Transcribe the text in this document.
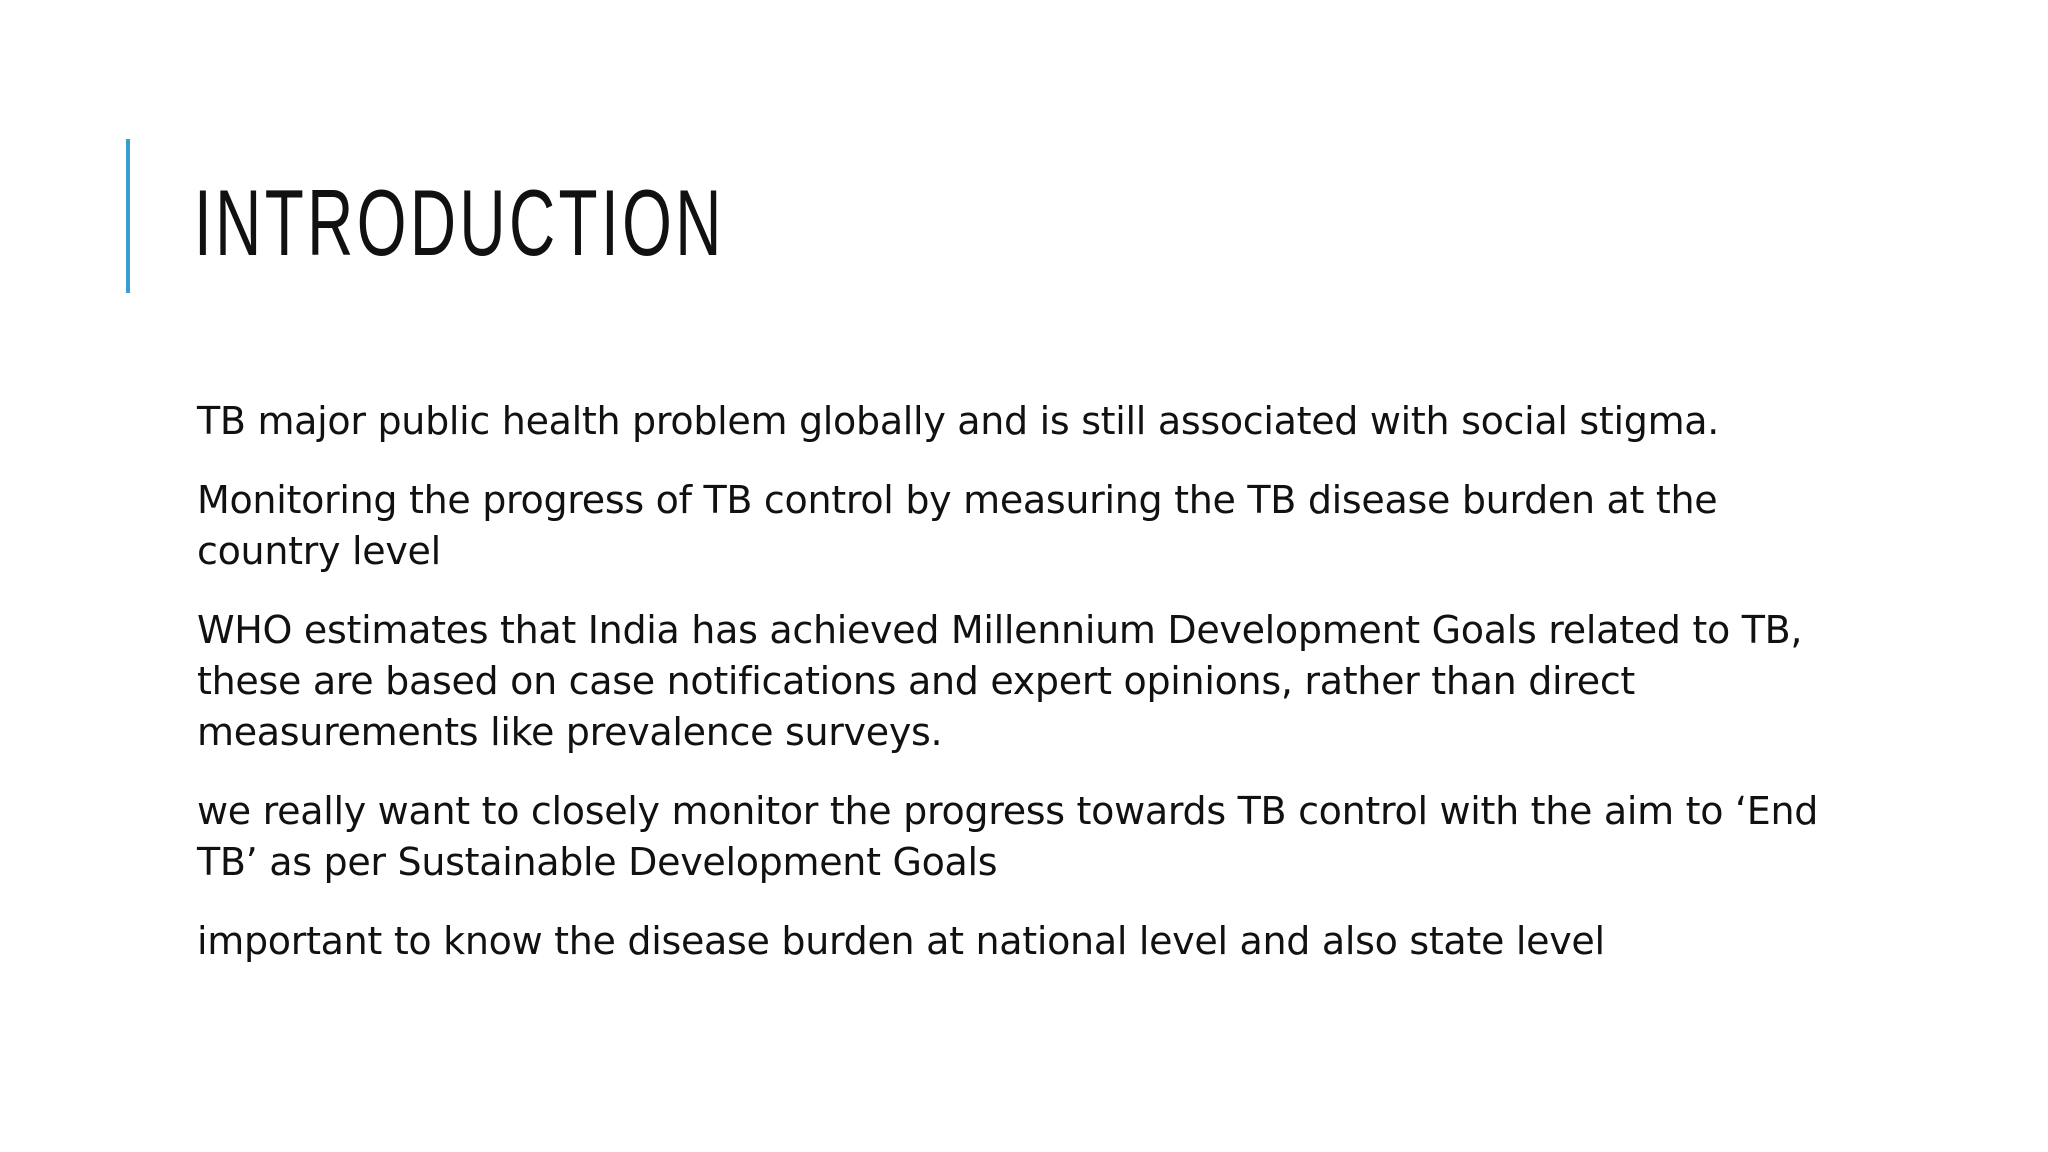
INTRODUCTION
TB major public health problem globally and is still associated with social stigma.
Monitoring the progress of TB control by measuring the TB disease burden at the country level
WHO estimates that India has achieved Millennium Development Goals related to TB, these are based on case notifications and expert opinions, rather than direct measurements like prevalence surveys.
we really want to closely monitor the progress towards TB control with the aim to ‘End TB’ as per Sustainable Development Goals
important to know the disease burden at national level and also state level
